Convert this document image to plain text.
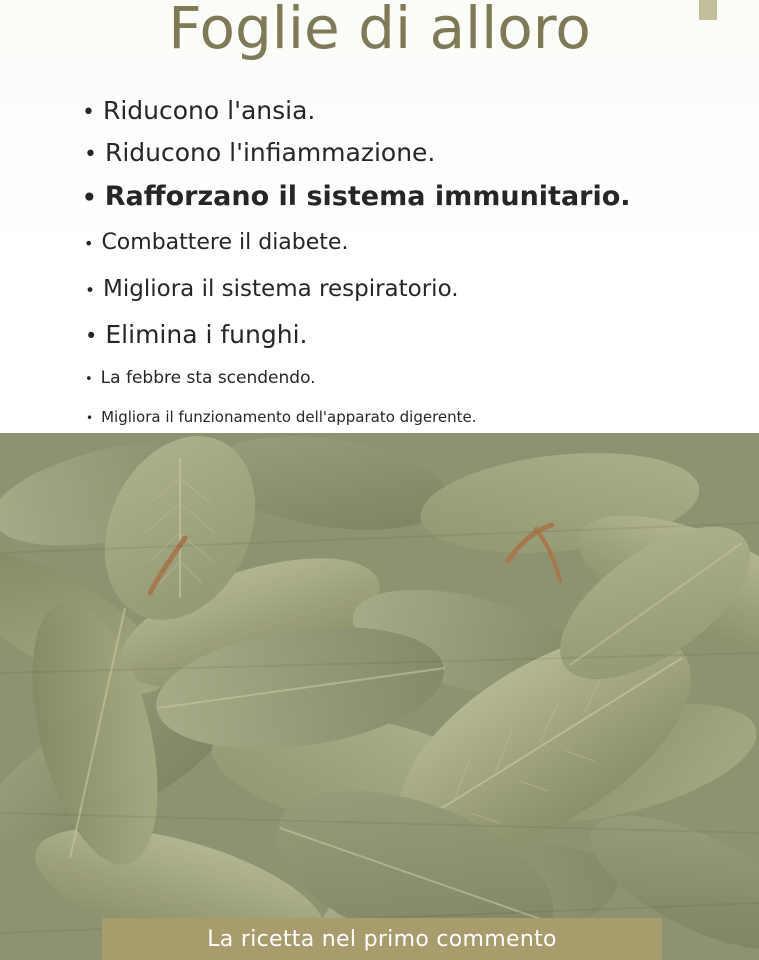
Foglie di alloro
• Riducono l'ansia.
• Riducono l'infiammazione.
• Rafforzano il sistema immunitario.
• Combattere il diabete.
• Migliora il sistema respiratorio.
• Elimina i funghi.
• La febbre sta scendendo.
• Migliora il funzionamento dell'apparato digerente.
La ricetta nel primo commento
